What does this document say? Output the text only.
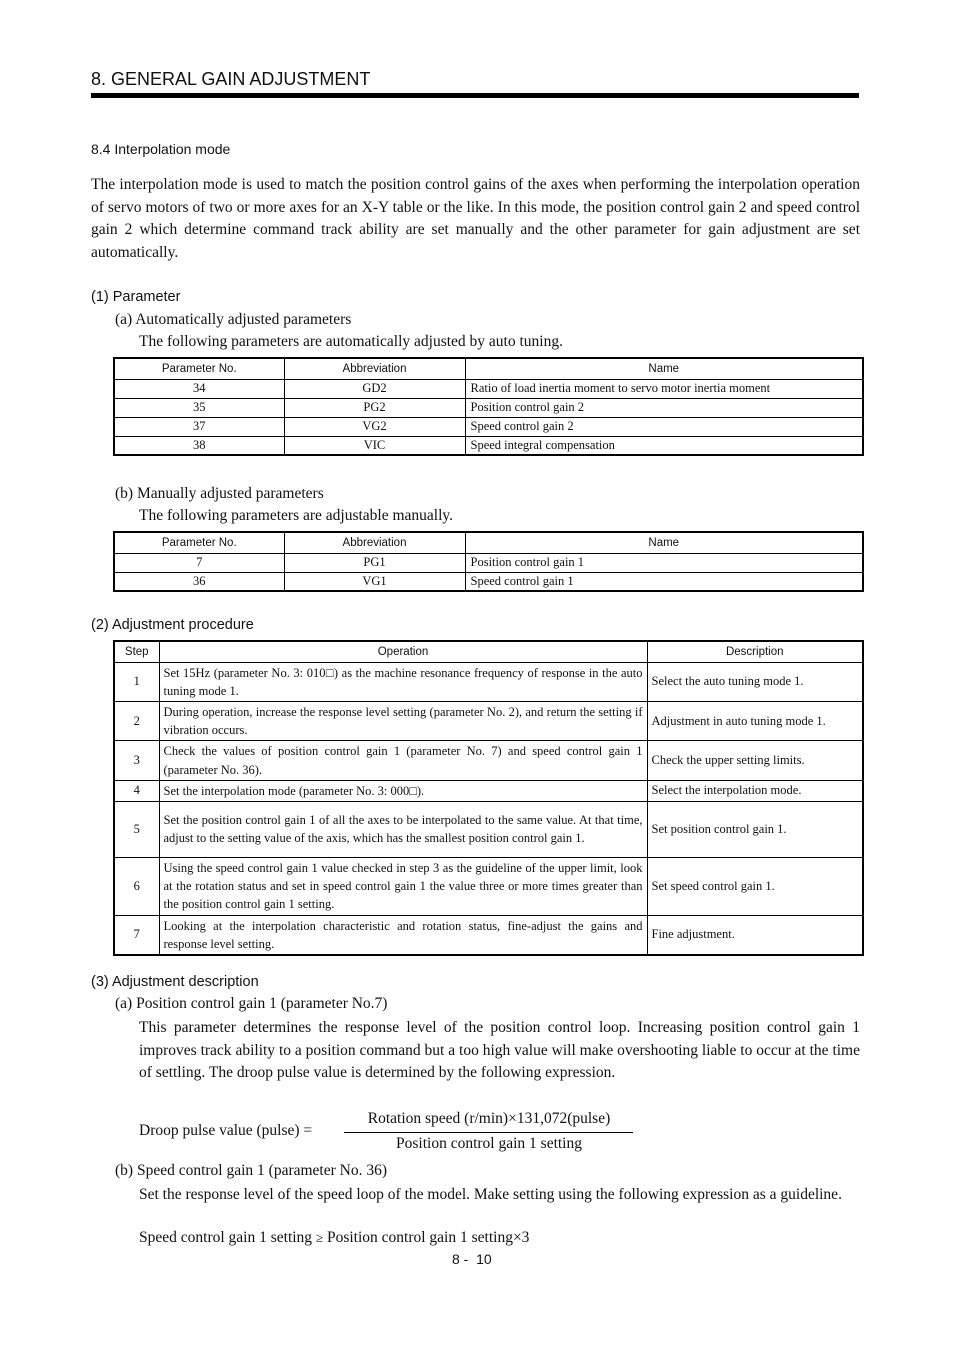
8. GENERAL GAIN ADJUSTMENT
8.4 Interpolation mode
The interpolation mode is used to match the position control gains of the axes when performing the interpolation operation of servo motors of two or more axes for an X-Y table or the like. In this mode, the position control gain 2 and speed control gain 2 which determine command track ability are set manually and the other parameter for gain adjustment are set automatically.
(1) Parameter
(a) Automatically adjusted parameters
The following parameters are automatically adjusted by auto tuning.
Parameter No.	Abbreviation	Name
34	GD2	Ratio of load inertia moment to servo motor inertia moment
35	PG2	Position control gain 2
37	VG2	Speed control gain 2
38	VIC	Speed integral compensation
(b) Manually adjusted parameters
The following parameters are adjustable manually.
Parameter No.	Abbreviation	Name
7	PG1	Position control gain 1
36	VG1	Speed control gain 1
(2) Adjustment procedure
Step	Operation	Description
1	Set 15Hz (parameter No. 3: 010□) as the machine resonance frequency of response in the auto tuning mode 1.	Select the auto tuning mode 1.
2	During operation, increase the response level setting (parameter No. 2), and return the setting if vibration occurs.	Adjustment in auto tuning mode 1.
3	Check the values of position control gain 1 (parameter No. 7) and speed control gain 1 (parameter No. 36).	Check the upper setting limits.
4	Set the interpolation mode (parameter No. 3: 000□).	Select the interpolation mode.
5	Set the position control gain 1 of all the axes to be interpolated to the same value. At that time, adjust to the setting value of the axis, which has the smallest position control gain 1.	Set position control gain 1.
6	Using the speed control gain 1 value checked in step 3 as the guideline of the upper limit, look at the rotation status and set in speed control gain 1 the value three or more times greater than the position control gain 1 setting.	Set speed control gain 1.
7	Looking at the interpolation characteristic and rotation status, fine-adjust the gains and response level setting.	Fine adjustment.
(3) Adjustment description
(a) Position control gain 1 (parameter No.7)
This parameter determines the response level of the position control loop. Increasing position control gain 1 improves track ability to a position command but a too high value will make overshooting liable to occur at the time of settling. The droop pulse value is determined by the following expression.
Droop pulse value (pulse) =
Rotation speed (r/min)×131,072(pulse)
Position control gain 1 setting
(b) Speed control gain 1 (parameter No. 36)
Set the response level of the speed loop of the model. Make setting using the following expression as a guideline.
Speed control gain 1 setting ≥ Position control gain 1 setting×3
8 -  10
